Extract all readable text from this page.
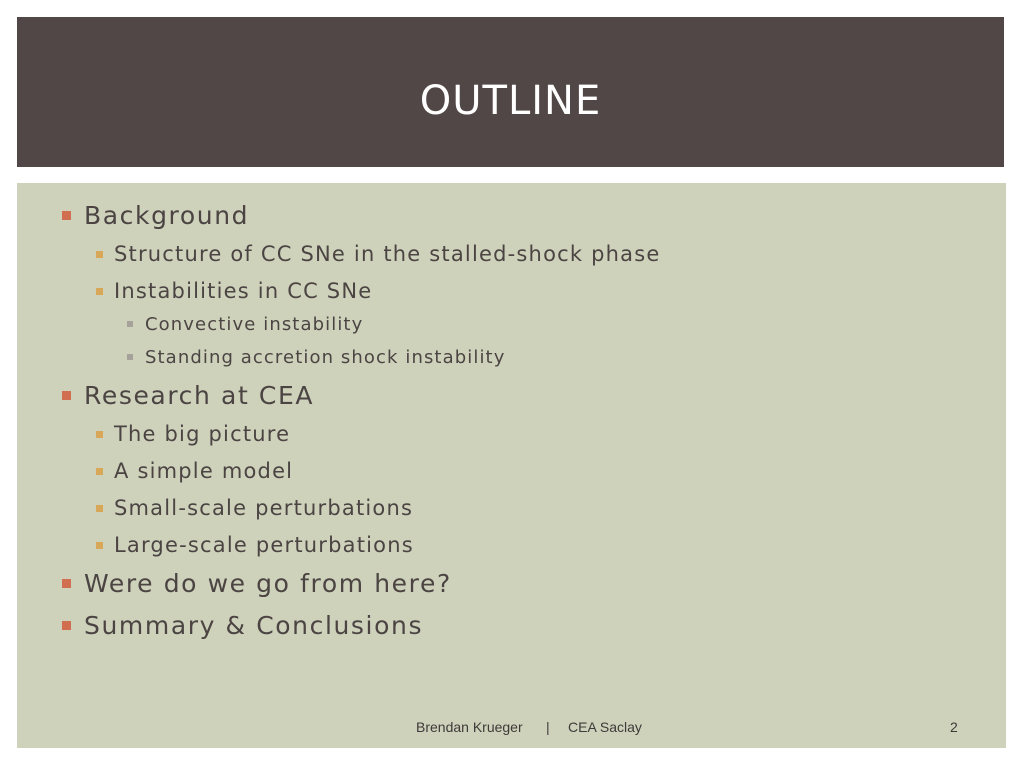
OUTLINE
Background
Structure of CC SNe in the stalled-shock phase
Instabilities in CC SNe
Convective instability
Standing accretion shock instability
Research at CEA
The big picture
A simple model
Small-scale perturbations
Large-scale perturbations
Were do we go from here?
Summary & Conclusions
Brendan Krueger | CEA Saclay	2
